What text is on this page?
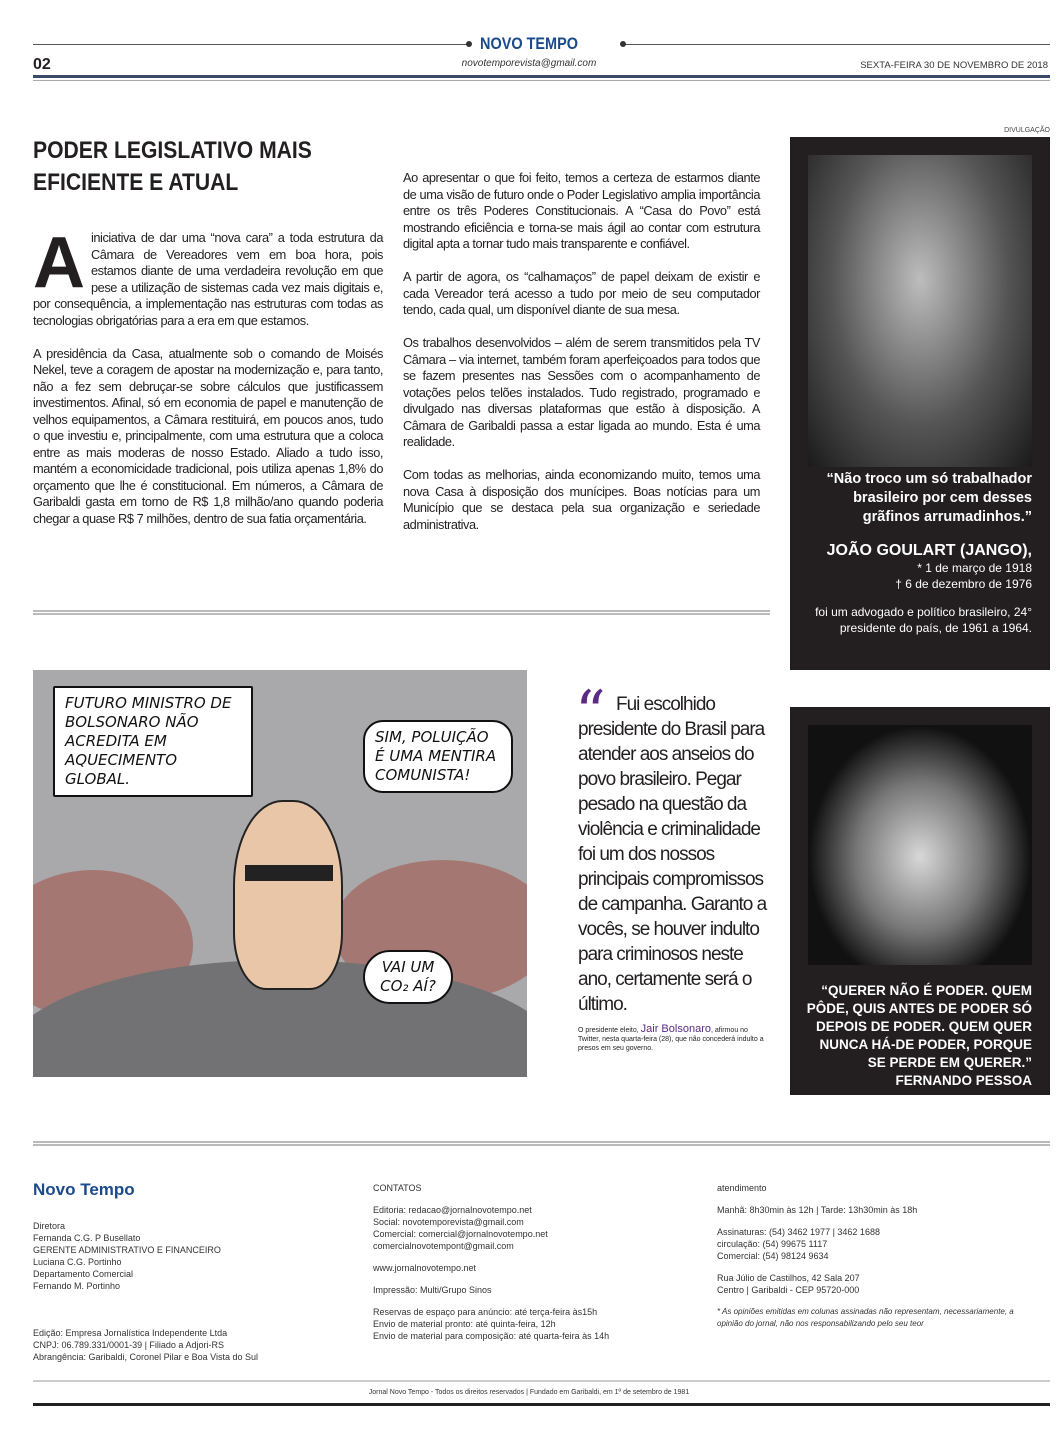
NOVO TEMPO
novotemporevista@gmail.com
02	SEXTA-FEIRA 30 DE NOVEMBRO DE 2018
PODER LEGISLATIVO MAIS EFICIENTE E ATUAL

Ainiciativa de dar uma “nova cara” a toda estrutura da Câmara de Vereadores vem em boa hora, pois estamos diante de uma verdadeira revolução em que pese a utilização de sistemas cada vez mais digitais e, por consequência, a implementação nas estruturas com todas as tecnologias obrigatórias para a era em que estamos.

A presidência da Casa, atualmente sob o comando de Moisés Nekel, teve a coragem de apostar na modernização e, para tanto, não a fez sem debruçar-se sobre cálculos que justificassem investimentos. Afinal, só em economia de papel e manutenção de velhos equipamentos, a Câmara restituirá, em poucos anos, tudo o que investiu e, principalmente, com uma estrutura que a coloca entre as mais moderas de nosso Estado. Aliado a tudo isso, mantém a economicidade tradicional, pois utiliza apenas 1,8% do orçamento que lhe é constitucional. Em números, a Câmara de Garibaldi gasta em torno de R$ 1,8 milhão/ano quando poderia chegar a quase R$ 7 milhões, dentro de sua fatia orçamentária.

Ao apresentar o que foi feito, temos a certeza de estarmos diante de uma visão de futuro onde o Poder Legislativo amplia importância entre os três Poderes Constitucionais. A “Casa do Povo” está mostrando eficiência e torna-se mais ágil ao contar com estrutura digital apta a tornar tudo mais transparente e confiável.

A partir de agora, os “calhamaços” de papel deixam de existir e cada Vereador terá acesso a tudo por meio de seu computador tendo, cada qual, um disponível diante de sua mesa.

Os trabalhos desenvolvidos – além de serem transmitidos pela TV Câmara – via internet, também foram aperfeiçoados para todos que se fazem presentes nas Sessões com o acompanhamento de votações pelos telões instalados. Tudo registrado, programado e divulgado nas diversas plataformas que estão à disposição. A Câmara de Garibaldi passa a estar ligada ao mundo. Esta é uma realidade.

Com todas as melhorias, ainda economizando muito, temos uma nova Casa à disposição dos munícipes. Boas notícias para um Município que se destaca pela sua organização e seriedade administrativa.

DIVULGAÇÃO
“Não troco um só trabalhador brasileiro por cem desses grãfinos arrumadinhos.”
JOÃO GOULART (JANGO),
* 1 de março de 1918
† 6 de dezembro de 1976
foi um advogado e político brasileiro, 24° presidente do país, de 1961 a 1964.
FUTURO MINISTRO DE BOLSONARO NÃO ACREDITA EM AQUECIMENTO GLOBAL.
SIM, POLUIÇÃO É UMA MENTIRA COMUNISTA!
VAI UM CO₂ AÍ?
“ Fui escolhido presidente do Brasil para atender aos anseios do povo brasileiro. Pegar pesado na questão da violência e criminalidade foi um dos nossos principais compromissos de campanha. Garanto a vocês, se houver indulto para criminosos neste ano, certamente será o último.
O presidente eleito, Jair Bolsonaro, afirmou no Twitter, nesta quarta-feira (28), que não concederá indulto a presos em seu governo.
“QUERER NÃO É PODER. QUEM PÔDE, QUIS ANTES DE PODER SÓ DEPOIS DE PODER. QUEM QUER NUNCA HÁ-DE PODER, PORQUE SE PERDE EM QUERER.” FERNANDO PESSOA
Novo Tempo
Diretora
Fernanda C.G. P Busellato
GERENTE ADMINISTRATIVO E FINANCEIRO
Luciana C.G. Portinho
Departamento Comercial
Fernando M. Portinho
Edição: Empresa Jornalística Independente Ltda
CNPJ: 06.789.331/0001-39 | Filiado a Adjori-RS
Abrangência: Garibaldi, Coronel Pilar e Boa Vista do Sul
CONTATOS
Editoria: redacao@jornalnovotempo.net
Social: novotemporevista@gmail.com
Comercial: comercial@jornalnovotempo.net
comercialnovotempont@gmail.com
www.jornalnovotempo.net
Impressão: Multi/Grupo Sinos
Reservas de espaço para anúncio: até terça-feira às15h
Envio de material pronto: até quinta-feira, 12h
Envio de material para composição: até quarta-feira às 14h
atendimento
Manhã: 8h30min às 12h | Tarde: 13h30min às 18h
Assinaturas: (54) 3462 1977 | 3462 1688
circulação: (54) 99675 1117
Comercial: (54) 98124 9634
Rua Júlio de Castilhos, 42 Sala 207
Centro | Garibaldi - CEP 95720-000
* As opiniões emitidas em colunas assinadas não representam, necessariamente, a opinião do jornal, não nos responsabilizando pelo seu teor
Jornal Novo Tempo - Todos os direitos reservados | Fundado em Garibaldi, em 1º de setembro de 1981
